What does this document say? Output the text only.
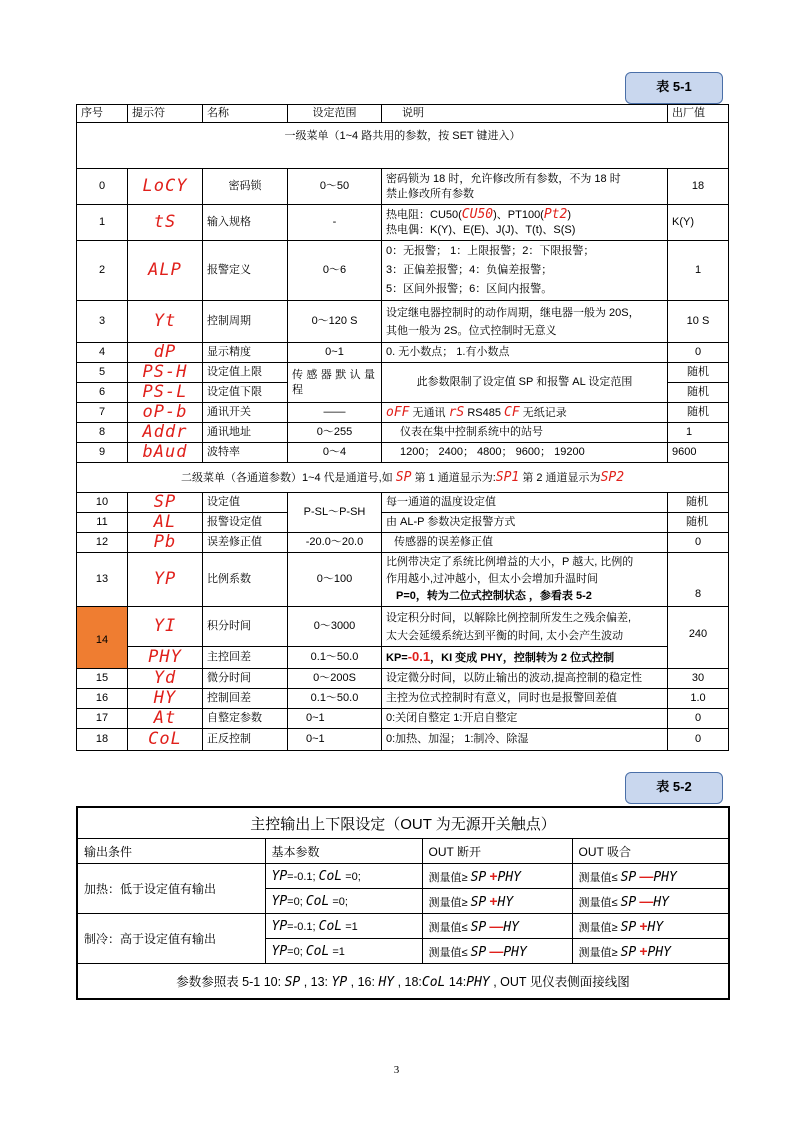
表 5-1
序号	提示符	名称	设定范围	说明	出厂值
一级菜单（1~4 路共用的参数，按 SET 键进入）					
0	LoCY	密码锁	0～50	密码锁为 18 时，允许修改所有参数，不为 18 时
禁止修改所有参数	18
1	tS	输入规格	-	热电阻：CU50(CU50)、PT100(Pt2)
热电偶：K(Y)、E(E)、J(J)、T(t)、S(S)	K(Y)
2	ALP	报警定义	0～6	0：无报警； 1：上限报警；2：下限报警；
3：正偏差报警；4：负偏差报警；
5：区间外报警；6：区间内报警。	1
3	Yt	控制周期	0～120 S	设定继电器控制时的动作周期，继电器一般为 20S，
其他一般为 2S。位式控制时无意义	10 S
4	dP	显示精度	0~1	0. 无小数点； 1.有小数点	0
5	PS-H	设定值上限	传感器默认量程	此参数限制了设定值 SP 和报警 AL 设定范围	随机
6	PS-L	设定值下限			随机
7	oP-b	通讯开关	——	oFF 无通讯 rS RS485 CF 无纸记录	随机
8	Addr	通讯地址	0～255	仪表在集中控制系统中的站号	1
9	bAud	波特率	0～4	1200； 2400； 4800； 9600； 19200	9600
二级菜单（各通道参数）1~4 代是通道号,如 SP 第 1 通道显示为:SP1 第 2 通道显示为SP2					
10	SP	设定值	P-SL～P-SH	每一通道的温度设定值	随机
11	AL	报警设定值		由 AL-P 参数决定报警方式	随机
12	Pb	误差修正值	-20.0～20.0	传感器的误差修正值	0
13	YP	比例系数	0～100	比例带决定了系统比例增益的大小，P 越大, 比例的
作用越小,过冲越小，但太小会增加升温时间
P=0，转为二位式控制状态 ，参看表 5-2	8
14	YI	积分时间	0～3000	设定积分时间，以解除比例控制所发生之残余偏差,
太大会延缓系统达到平衡的时间, 太小会产生波动	240
	PHY	主控回差	0.1～50.0	KP=-0.1，KI 变成 PHY，控制转为 2 位式控制	
15	Yd	微分时间	0～200S	设定微分时间，以防止输出的波动,提高控制的稳定性	30
16	HY	控制回差	0.1～50.0	主控为位式控制时有意义，同时也是报警回差值	1.0
17	At	自整定参数	0~1	0:关闭自整定 1:开启自整定	0
18	CoL	正反控制	0~1	0:加热、加湿； 1:制冷、除湿	0
表 5-2
主控输出上下限设定（OUT 为无源开关触点）			
输出条件	基本参数	OUT 断开	OUT 吸合
加热：低于设定值有输出	YP=-0.1; CoL =0;	测量值≥ SP +PHY	测量值≤ SP —PHY
	YP=0; CoL =0;	测量值≥ SP +HY	测量值≤ SP —HY
制冷：高于设定值有输出	YP=-0.1; CoL =1	测量值≤ SP —HY	测量值≥ SP +HY
	YP=0; CoL =1	测量值≤ SP —PHY	测量值≥ SP +PHY
参数参照表 5-1 10: SP , 13: YP , 16: HY , 18:CoL 14:PHY , OUT 见仪表侧面接线图			
3
